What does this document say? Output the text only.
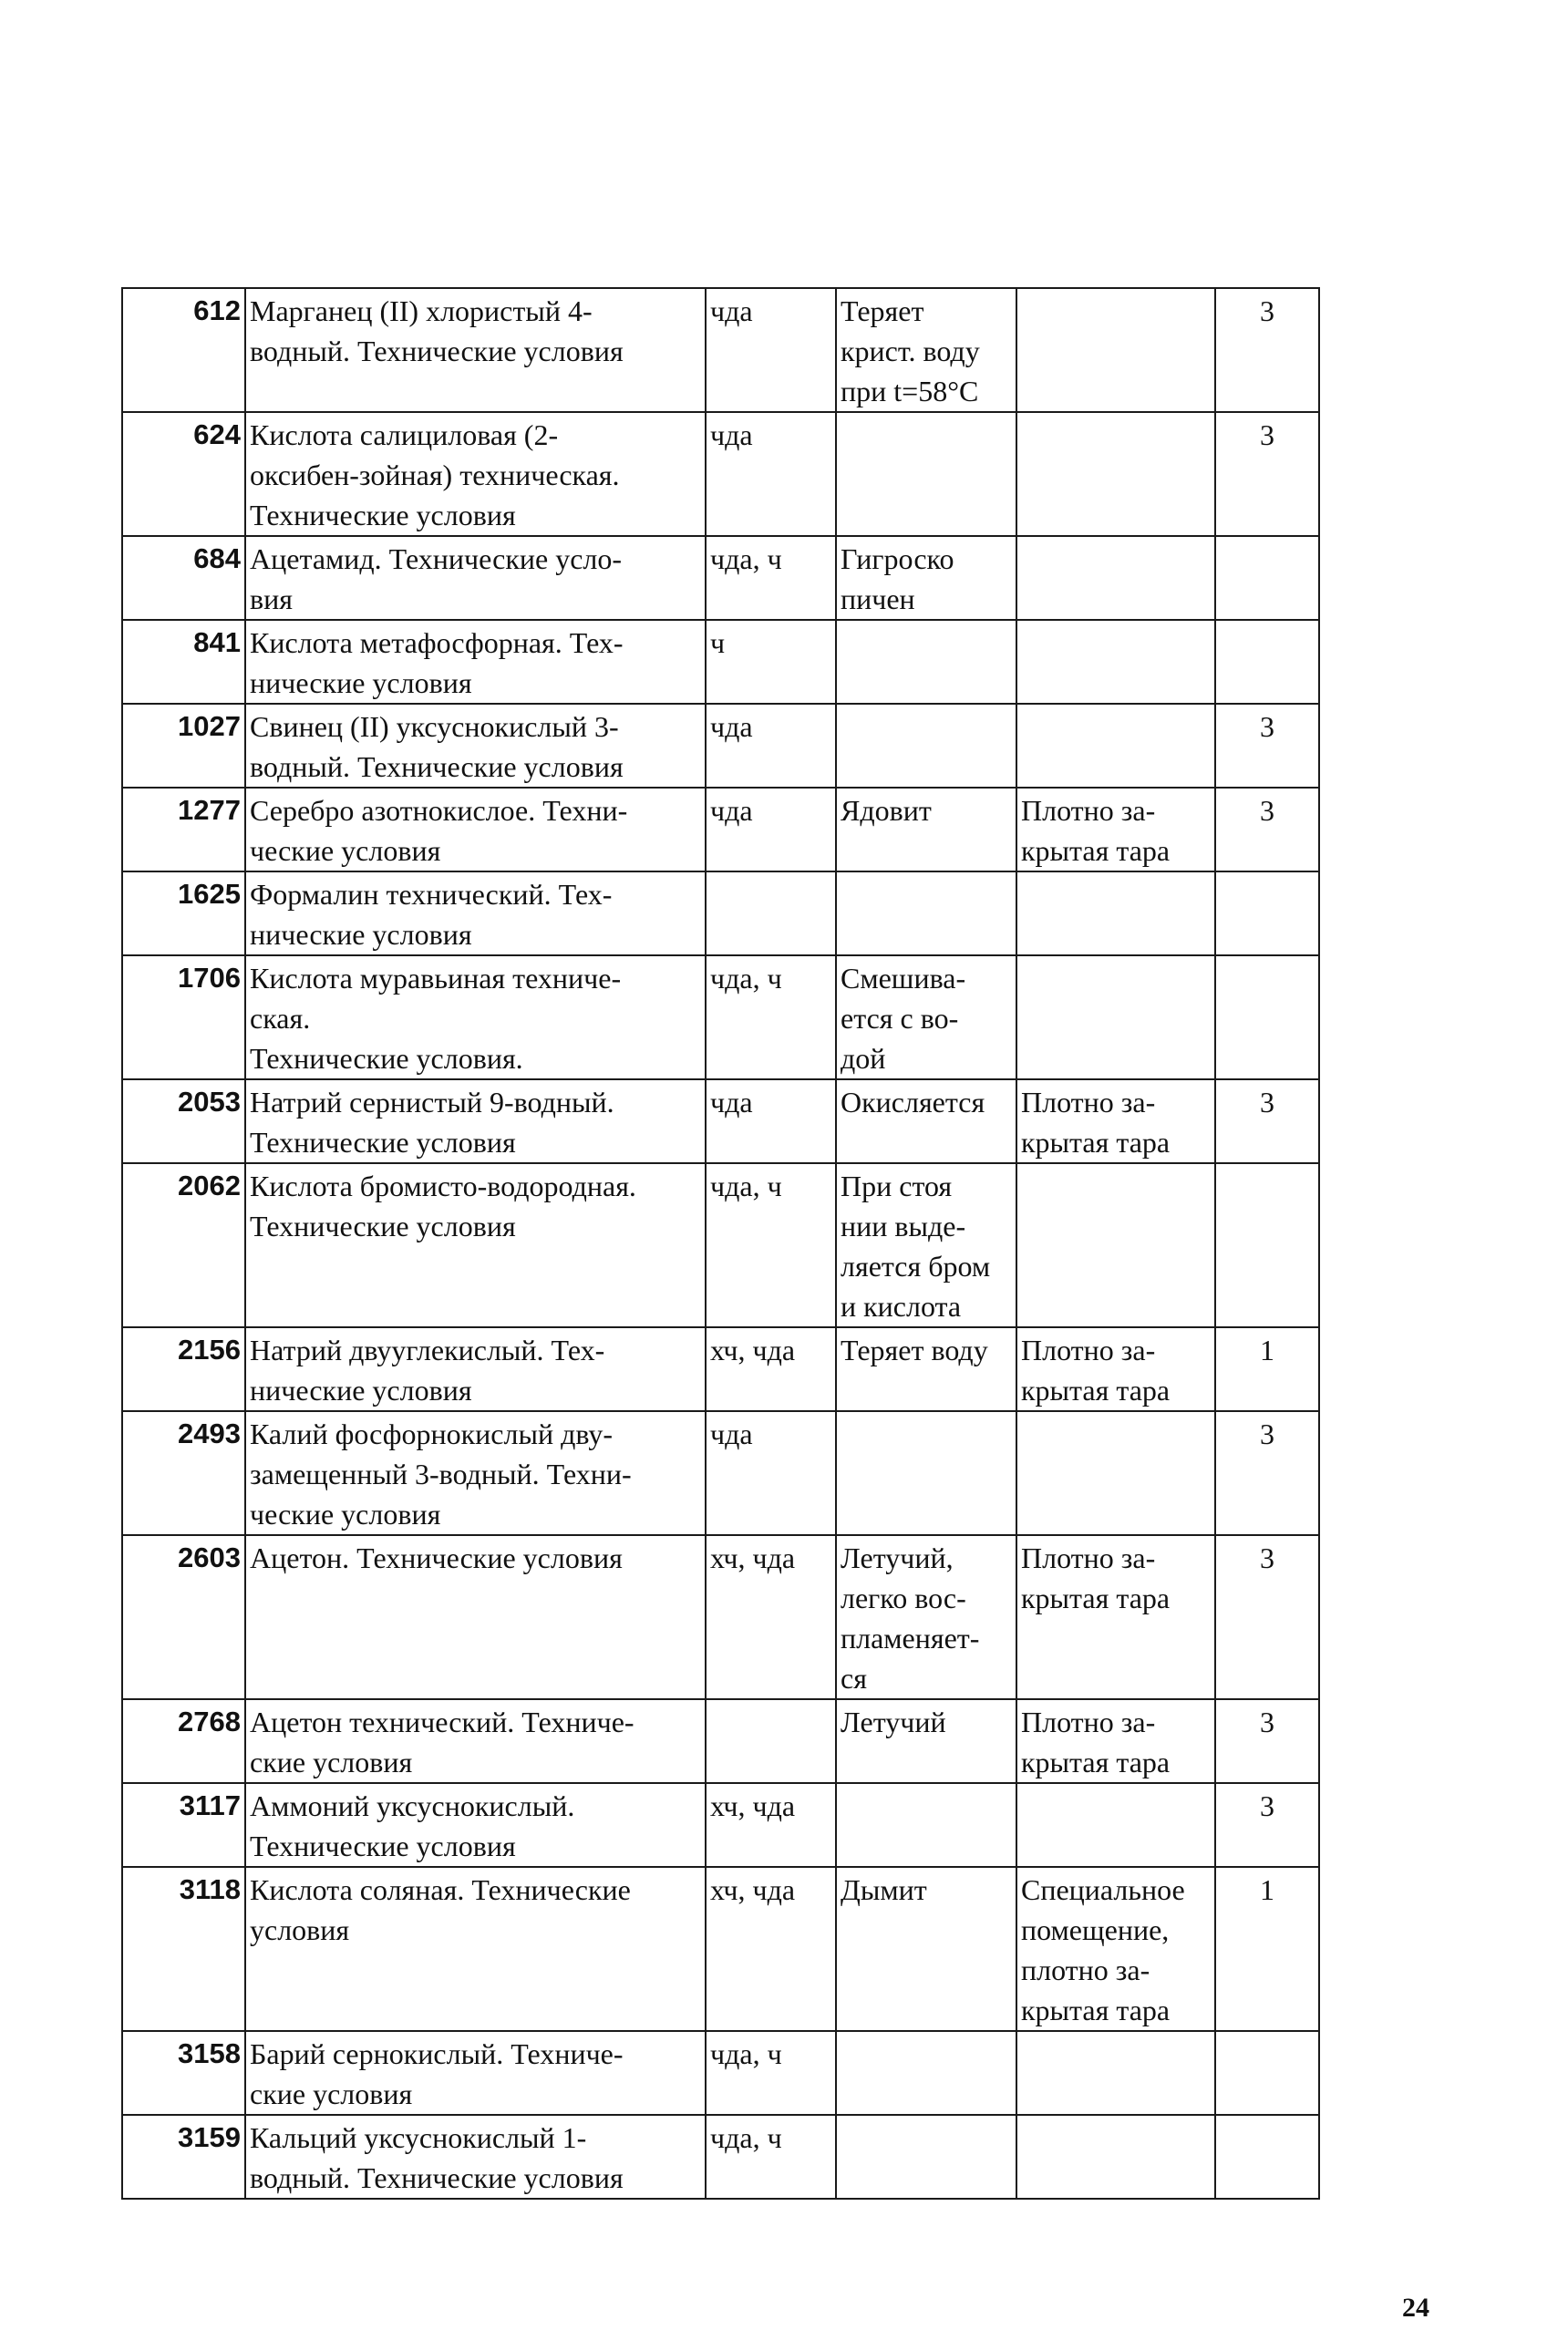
612	Марганец (II) хлористый 4-
водный. Технические условия	чда	Теряет
крист. воду
при t=58°C		3
624	Кислота салициловая (2-
оксибен-зойная) техническая.
Технические условия	чда			3
684	Ацетамид. Технические усло-
вия	чда, ч	Гигроско
пичен		
841	Кислота метафосфорная. Тех-
нические условия	ч			
1027	Свинец (II) уксуснокислый 3-
водный. Технические условия	чда			3
1277	Серебро азотнокислое. Техни-
ческие условия	чда	Ядовит	Плотно за-
крытая тара	3
1625	Формалин технический. Тех-
нические условия				
1706	Кислота муравьиная техниче-
ская.
Технические условия.	чда, ч	Смешива-
ется с во-
дой		
2053	Натрий сернистый 9-водный.
Технические условия	чда	Окисляется	Плотно за-
крытая тара	3
2062	Кислота бромисто-водородная.
Технические условия	чда, ч	При стоя
нии выде-
ляется бром
и кислота		
2156	Натрий двууглекислый. Тех-
нические условия	хч, чда	Теряет воду	Плотно за-
крытая тара	1
2493	Калий фосфорнокислый дву-
замещенный 3-водный. Техни-
ческие условия	чда			3
2603	Ацетон. Технические условия	хч, чда	Летучий,
легко вос-
пламеняет-
ся	Плотно за-
крытая тара	3
2768	Ацетон технический. Техниче-
ские условия		Летучий	Плотно за-
крытая тара	3
3117	Аммоний уксуснокислый.
Технические условия	хч, чда			3
3118	Кислота соляная. Технические
условия	хч, чда	Дымит	Специальное
помещение,
плотно за-
крытая тара	1
3158	Барий сернокислый. Техниче-
ские условия	чда, ч			
3159	Кальций уксуснокислый 1-
водный. Технические условия	чда, ч			
24
